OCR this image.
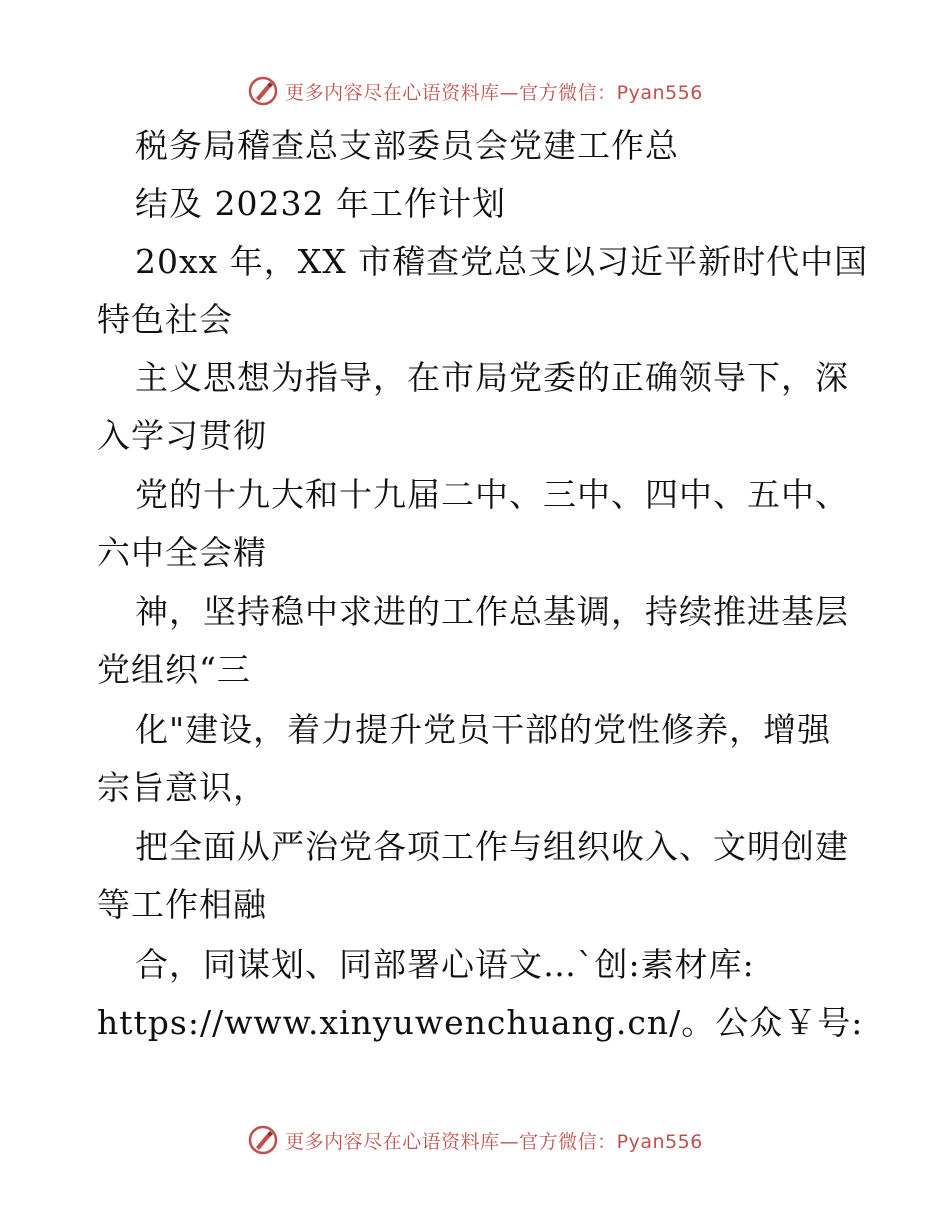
更多内容尽在心语资料库—官方微信：Pyan556
税务局稽查总支部委员会党建工作总
结及 20232 年工作计划
20xx 年，XX 市稽查党总支以习近平新时代中国
特色社会
主义思想为指导，在市局党委的正确领导下，深
入学习贯彻
党的十九大和十九届二中、三中、四中、五中、
六中全会精
神，坚持稳中求进的工作总基调，持续推进基层
党组织“三
化"建设，着力提升党员干部的党性修养，增强
宗旨意识，
把全面从严治党各项工作与组织收入、文明创建
等工作相融
合，同谋划、同部署心语文…`创:素材库:
https://www.xinyuwenchuang.cn/。公众￥号:
更多内容尽在心语资料库—官方微信：Pyan556
